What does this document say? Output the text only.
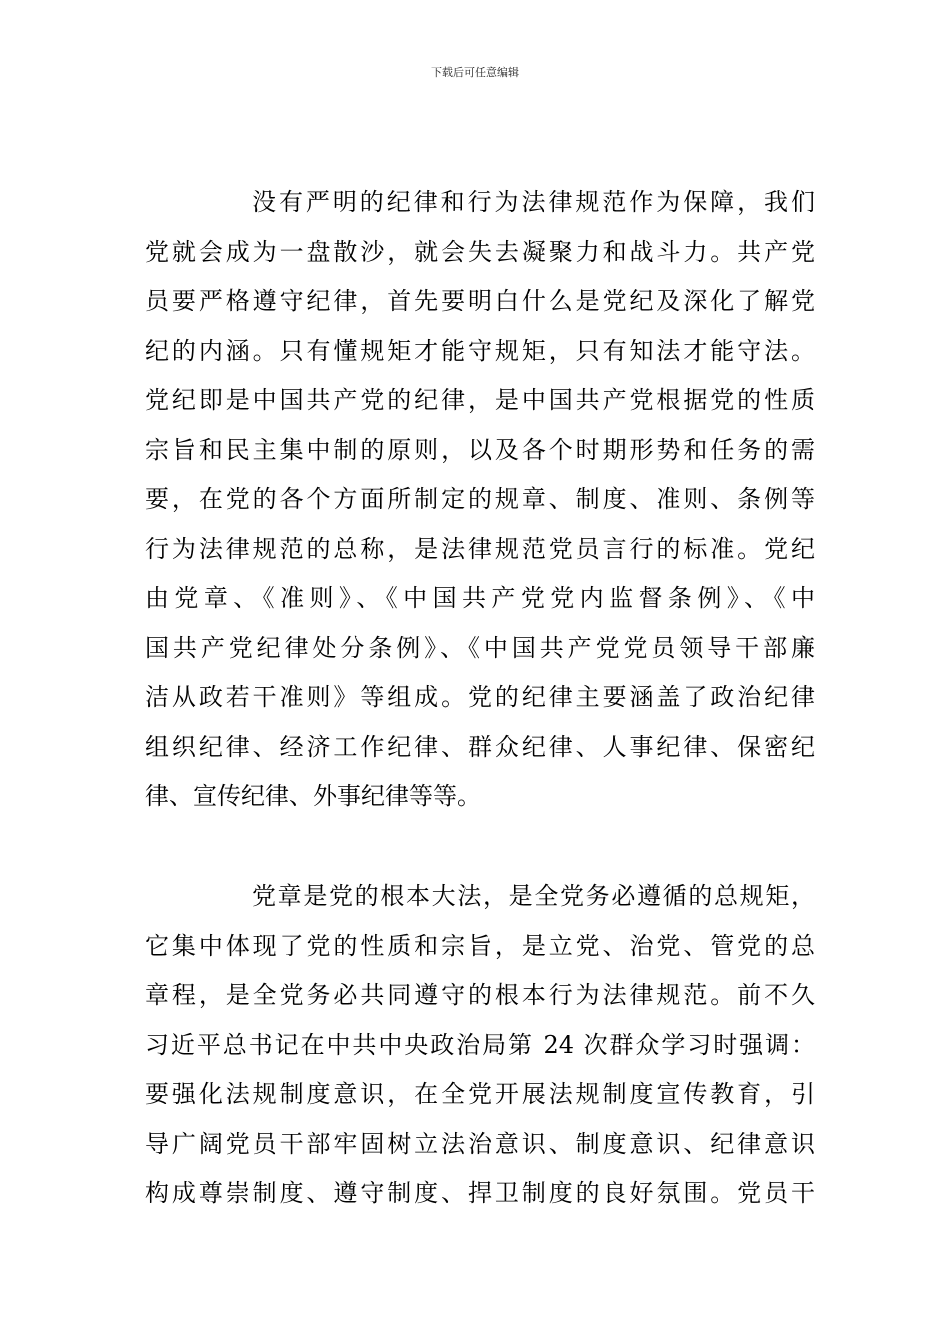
下载后可任意编辑
没有严明的纪律和行为法律规范作为保障，我们
党就会成为一盘散沙，就会失去凝聚力和战斗力。共产党
员要严格遵守纪律，首先要明白什么是党纪及深化了解党
纪的内涵。只有懂规矩才能守规矩，只有知法才能守法。
党纪即是中国共产党的纪律，是中国共产党根据党的性质
宗旨和民主集中制的原则，以及各个时期形势和任务的需
要，在党的各个方面所制定的规章、制度、准则、条例等
行为法律规范的总称，是法律规范党员言行的标准。党纪
由党章、《准则》、《中国共产党党内监督条例》、《中
国共产党纪律处分条例》、《中国共产党党员领导干部廉
洁从政若干准则》等组成。党的纪律主要涵盖了政治纪律
组织纪律、经济工作纪律、群众纪律、人事纪律、保密纪
律、宣传纪律、外事纪律等等。
党章是党的根本大法，是全党务必遵循的总规矩，
它集中体现了党的性质和宗旨，是立党、治党、管党的总
章程，是全党务必共同遵守的根本行为法律规范。前不久
习近平总书记在中共中央政治局第 24 次群众学习时强调：
要强化法规制度意识，在全党开展法规制度宣传教育，引
导广阔党员干部牢固树立法治意识、制度意识、纪律意识
构成尊崇制度、遵守制度、捍卫制度的良好氛围。党员干
